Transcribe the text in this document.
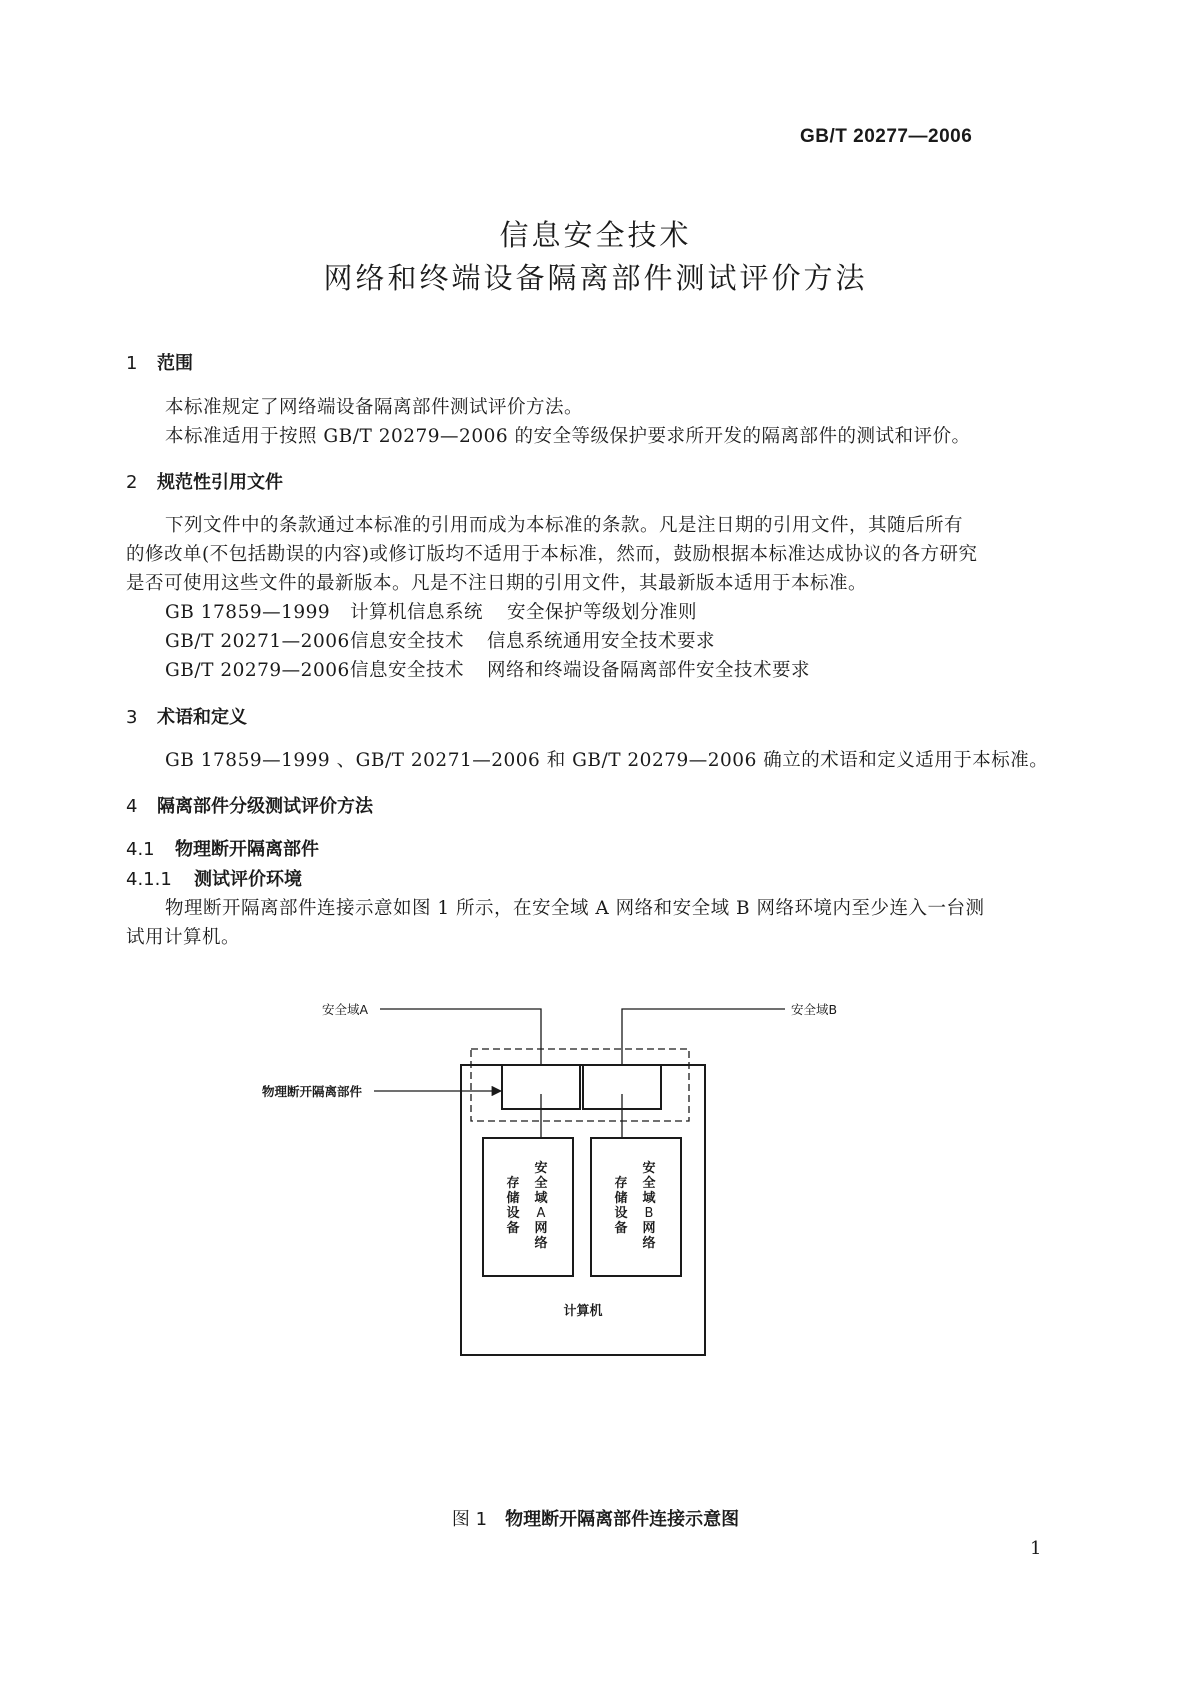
GB/T 20277—2006
信息安全技术
网络和终端设备隔离部件测试评价方法
1 范围
本标准规定了网络端设备隔离部件测试评价方法。
本标准适用于按照 GB/T 20279—2006 的安全等级保护要求所开发的隔离部件的测试和评价。
2 规范性引用文件
下列文件中的条款通过本标准的引用而成为本标准的条款。凡是注日期的引用文件，其随后所有
的修改单(不包括勘误的内容)或修订版均不适用于本标准，然而，鼓励根据本标准达成协议的各方研究
是否可使用这些文件的最新版本。凡是不注日期的引用文件，其最新版本适用于本标准。
GB 17859—1999 计算机信息系统 安全保护等级划分准则
GB/T 20271—2006信息安全技术 信息系统通用安全技术要求
GB/T 20279—2006信息安全技术 网络和终端设备隔离部件安全技术要求
3 术语和定义
GB 17859—1999 、GB/T 20271—2006 和 GB/T 20279—2006 确立的术语和定义适用于本标准。
4 隔离部件分级测试评价方法
4.1 物理断开隔离部件
4.1.1 测试评价环境
物理断开隔离部件连接示意如图 1 所示，在安全域 A 网络和安全域 B 网络环境内至少连入一台测
试用计算机。
安全域A	安全域B
物理断开隔离部件
计算机
存
储
设
备
安
全
域
A
网
络
存
储
设
备
安
全
域
B
网
络
图 1 物理断开隔离部件连接示意图
1
